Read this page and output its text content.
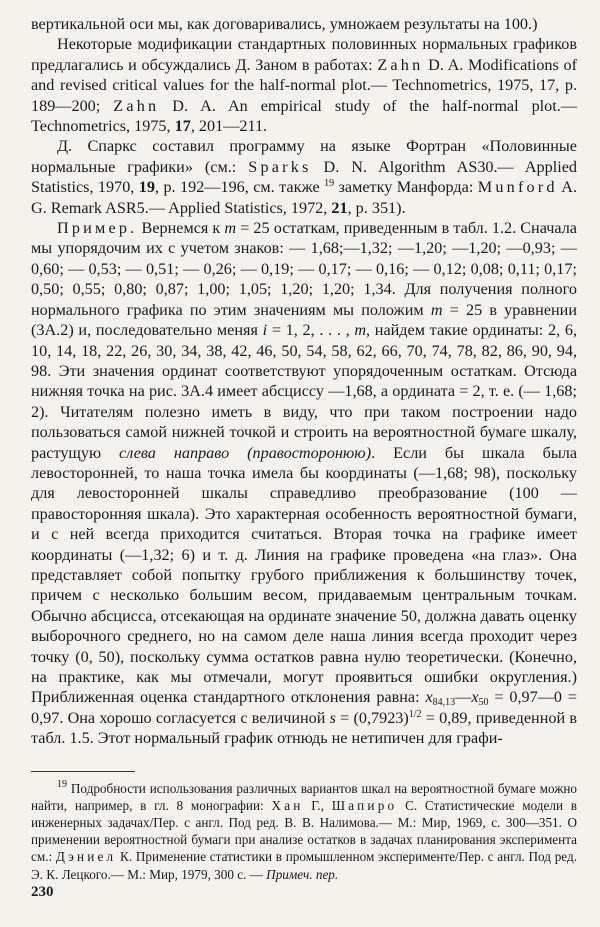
вертикальной оси мы, как договаривались, умножаем результаты на 100.)

Некоторые модификации стандартных половинных нормальных графиков предлагались и обсуждались Д. Заном в работах: Zahn D. A. Modifications of and revised critical values for the half-normal plot.— Technometrics, 1975, 17, p. 189—200; Zahn D. A. An empirical study of the half-normal plot.— Technometrics, 1975, 17, 201—211.

Д. Спаркс составил программу на языке Фортран «Половинные нормальные графики» (см.: Sparks D. N. Algorithm AS30.— Applied Statistics, 1970, 19, p. 192—196, см. также $^{19}$ заметку Манфорда: Munford A. G. Remark ASR5.— Applied Statistics, 1972, 21, p. 351).

Пример. Вернемся к m = 25 остаткам, приведенным в табл. 1.2. Сначала мы упорядочим их с учетом знаков: — 1,68;—1,32; —1,20; —1,20; —0,93; —0,60; — 0,53; — 0,51; — 0,26; — 0,19; — 0,17; — 0,16; — 0,12; 0,08; 0,11; 0,17; 0,50; 0,55; 0,80; 0,87; 1,00; 1,05; 1,20; 1,20; 1,34. Для получения полного нормального графика по этим значениям мы положим m = 25 в уравнении (3А.2) и, последовательно меняя i = 1, 2, . . . , m, найдем такие ординаты: 2, 6, 10, 14, 18, 22, 26, 30, 34, 38, 42, 46, 50, 54, 58, 62, 66, 70, 74, 78, 82, 86, 90, 94, 98. Эти значения ординат соответствуют упорядоченным остаткам. Отсюда нижняя точка на рис. 3А.4 имеет абсциссу —1,68, а ордината = 2, т. е. (— 1,68; 2). Читателям полезно иметь в виду, что при таком построении надо пользоваться самой нижней точкой и строить на вероятностной бумаге шкалу, растущую слева направо (правосторонюю). Если бы шкала была левосторонней, то наша точка имела бы координаты (—1,68; 98), поскольку для левосторонней шкалы справедливо преобразование (100 — правосторонняя шкала). Это характерная особенность вероятностной бумаги, и с ней всегда приходится считаться. Вторая точка на графике имеет координаты (—1,32; 6) и т. д. Линия на графике проведена «на глаз». Она представляет собой попытку грубого приближения к большинству точек, причем с несколько большим весом, придаваемым центральным точкам. Обычно абсцисса, отсекающая на ординате значение 50, должна давать оценку выборочного среднего, но на самом деле наша линия всегда проходит через точку (0, 50), поскольку сумма остатков равна нулю теоретически. (Конечно, на практике, как мы отмечали, могут проявиться ошибки округления.) Приближенная оценка стандартного отклонения равна: $x_{84,13}—x_{50}$ = 0,97—0 = 0,97. Она хорошо согласуется с величиной $s = (0,7923)^{1/2} = 0,89$, приведенной в табл. 1.5. Этот нормальный график отнюдь не нетипичен для графи-

$^{19}$ Подробности использования различных вариантов шкал на вероятностной бумаге можно найти, например, в гл. 8 монографии: Хан Г., Шапиро С. Статистические модели в инженерных задачах/Пер. с англ. Под ред. В. В. Налимова.— М.: Мир, 1969, с. 300—351. О применении вероятностной бумаги при анализе остатков в задачах планирования эксперимента см.: Дэниел К. Применение статистики в промышленном эксперименте/Пер. с англ. Под ред. Э. К. Лецкого.— М.: Мир, 1979, 300 с. — Примеч. пер.

230
